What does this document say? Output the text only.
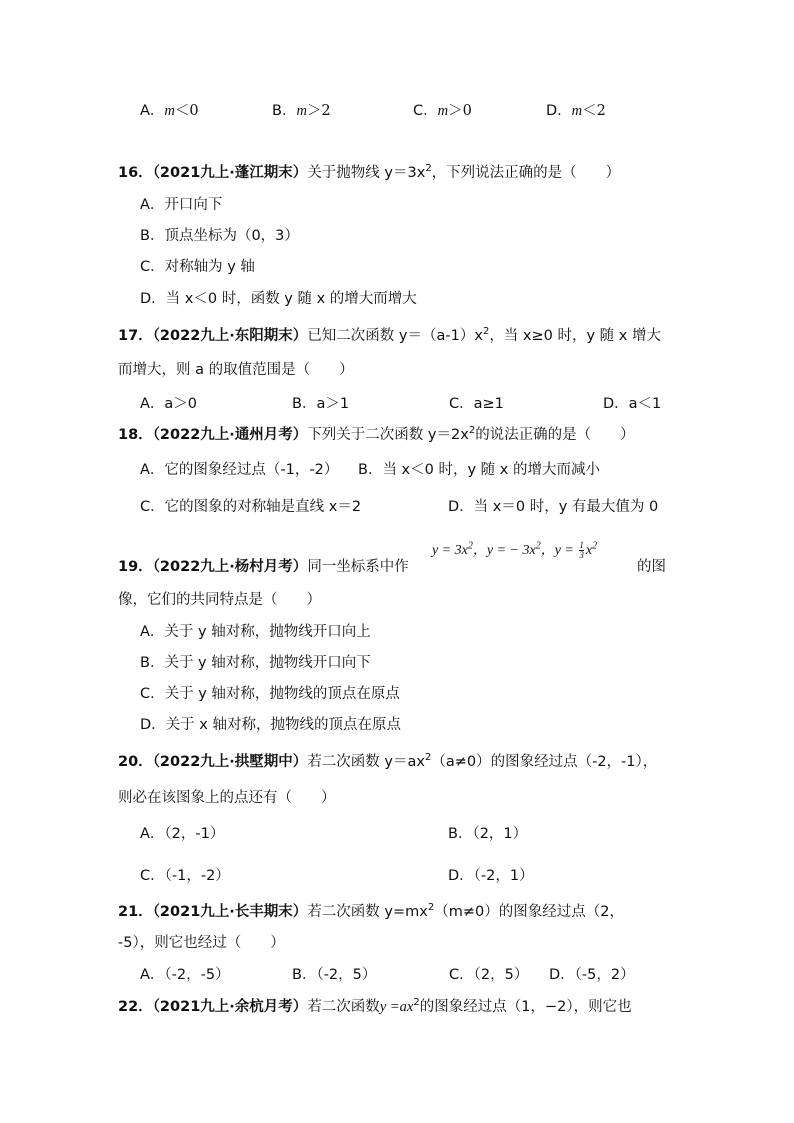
A．m＜0	B．m＞2	C．m＞0	D．m＜2
16．（2021九上·蓬江期末）关于抛物线 $y=3x^2$，下列说法正确的是（　　）
A．开口向下
B．顶点坐标为（0，3）
C．对称轴为 y 轴
D．当 x＜0 时，函数 y 随 x 的增大而增大
17．（2022九上·东阳期末）已知二次函数 $y=(a-1)x^2$，当 x≥0 时，y 随 x 增大
而增大，则 a 的取值范围是（　　）
A．a＞0	B．a＞1	C．a≥1	D．a＜1
18．（2022九上·通州月考）下列关于二次函数 $y=2x^2$的说法正确的是（　　）
A．它的图象经过点（-1，-2） B．当 x＜0 时，y 随 x 的增大而减小
C．它的图象的对称轴是直线 x＝2	D．当 x＝0 时，y 有最大值为 0
19．（2022九上·杨村月考）同一坐标系中作
$y = 3x^2$，y = − $3x^2$，$y = \frac{1}{3} x^2$
的图
像，它们的共同特点是（　　）
A．关于 y 轴对称，抛物线开口向上
B．关于 y 轴对称，抛物线开口向下
C．关于 y 轴对称，抛物线的顶点在原点
D．关于 x 轴对称，抛物线的顶点在原点
20．（2022九上·拱墅期中）若二次函数 $y=ax^2(a\ne 0)$的图象经过点（-2，-1），
则必在该图象上的点还有（　　）
A．（2，-1）	B．（2，1）
C．（-1，-2）	D．（-2，1）
21．（2021九上·长丰期末）若二次函数 $y=mx^2(m\ne 0)$的图象经过点（2，
-5），则它也经过（　　）
A．（-2，-5）	B．（-2，5）	C．（2，5） D．（-5，2）
22．（2021九上·余杭月考）若二次函数$y =ax^2$的图象经过点（1，−2），则它也
